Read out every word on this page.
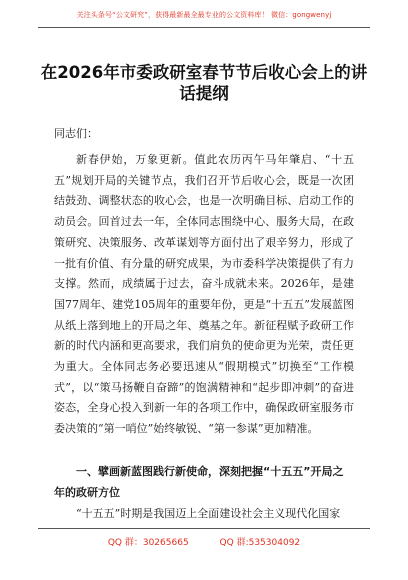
关注头条号“公文研究”，获得最新最全最专业的公文资料库！ 微信：gongwenyj
在2026年市委政研室春节节后收心会上的讲话提纲
同志们：
新春伊始，万象更新。值此农历丙午马年肇启、“十五五”规划开局的关键节点，我们召开节后收心会，既是一次团结鼓劲、调整状态的收心会，也是一次明确目标、启动工作的动员会。回首过去一年，全体同志围绕中心、服务大局，在政策研究、决策服务、改革谋划等方面付出了艰辛努力，形成了一批有价值、有分量的研究成果，为市委科学决策提供了有力支撑。然而，成绩属于过去，奋斗成就未来。2026年，是建国77周年、建党105周年的重要年份，更是“十五五”发展蓝图从纸上落到地上的开局之年、奠基之年。新征程赋予政研工作新的时代内涵和更高要求，我们肩负的使命更为光荣，责任更为重大。全体同志务必要迅速从“假期模式”切换至“工作模式”，以“策马扬鞭自奋蹄”的饱满精神和“起步即冲刺”的奋进姿态，全身心投入到新一年的各项工作中，确保政研室服务市委决策的“第一哨位”始终敏锐、“第一参谋”更加精准。
一、擘画新蓝图践行新使命，深刻把握“十五五”开局之年的政研方位
“十五五”时期是我国迈上全面建设社会主义现代化国家
QQ 群：30265665	QQ 群:535304092
